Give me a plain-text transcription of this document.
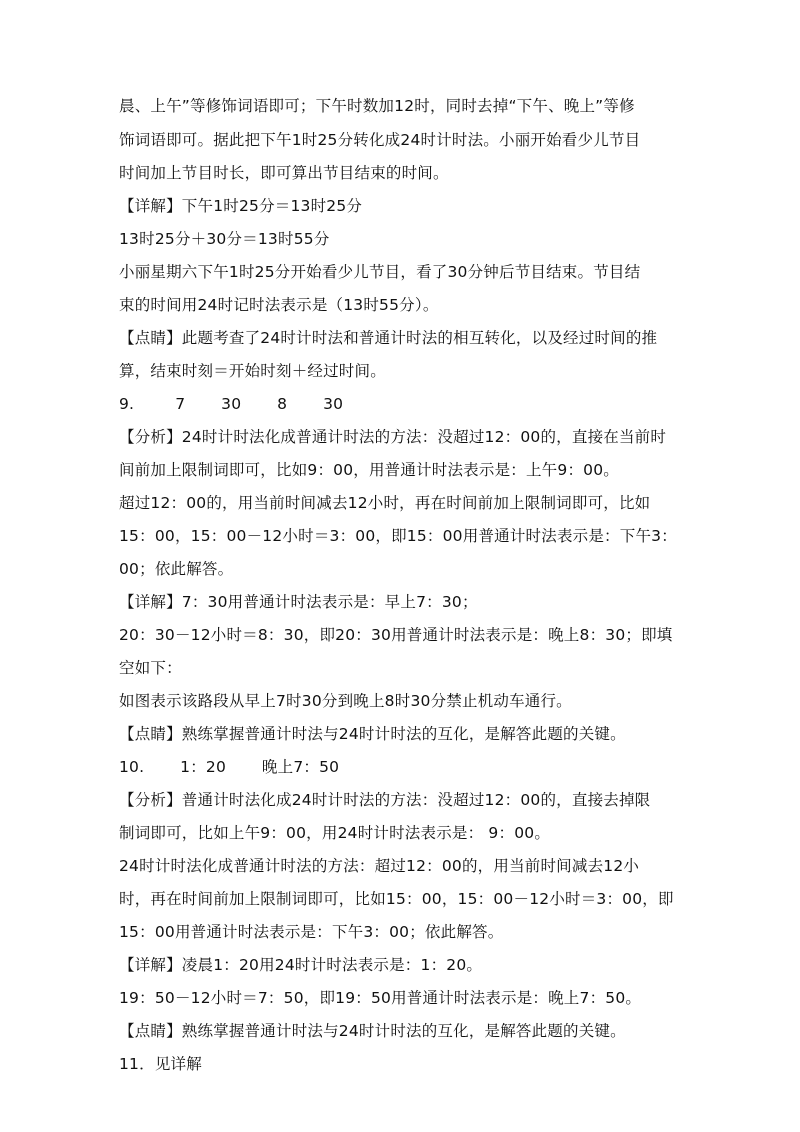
晨、上午”等修饰词语即可；下午时数加12时，同时去掉“下午、晚上”等修
饰词语即可。据此把下午1时25分转化成24时计时法。小丽开始看少儿节目
时间加上节目时长，即可算出节目结束的时间。
【详解】下午1时25分＝13时25分
13时25分＋30分＝13时55分
小丽星期六下午1时25分开始看少儿节目，看了30分钟后节目结束。节目结
束的时间用24时记时法表示是（13时55分）。
【点睛】此题考查了24时计时法和普通计时法的相互转化，以及经过时间的推
算，结束时刻＝开始时刻＋经过时间。
9.        7       30       8       30
【分析】24时计时法化成普通计时法的方法：没超过12：00的，直接在当前时
间前加上限制词即可，比如9：00，用普通计时法表示是：上午9：00。
超过12：00的，用当前时间减去12小时，再在时间前加上限制词即可，比如
15：00，15：00－12小时＝3：00，即15：00用普通计时法表示是：下午3：
00；依此解答。
【详解】7：30用普通计时法表示是：早上7：30；
20：30－12小时＝8：30，即20：30用普通计时法表示是：晚上8：30；即填
空如下：
如图表示该路段从早上7时30分到晚上8时30分禁止机动车通行。
【点睛】熟练掌握普通计时法与24时计时法的互化，是解答此题的关键。
10.       1：20       晚上7：50
【分析】普通计时法化成24时计时法的方法：没超过12：00的，直接去掉限
制词即可，比如上午9：00，用24时计时法表示是： 9：00。
24时计时法化成普通计时法的方法：超过12：00的，用当前时间减去12小
时，再在时间前加上限制词即可，比如15：00，15：00－12小时＝3：00，即
15：00用普通计时法表示是：下午3：00；依此解答。
【详解】凌晨1：20用24时计时法表示是：1：20。
19：50－12小时＝7：50，即19：50用普通计时法表示是：晚上7：50。
【点睛】熟练掌握普通计时法与24时计时法的互化，是解答此题的关键。
11．见详解
